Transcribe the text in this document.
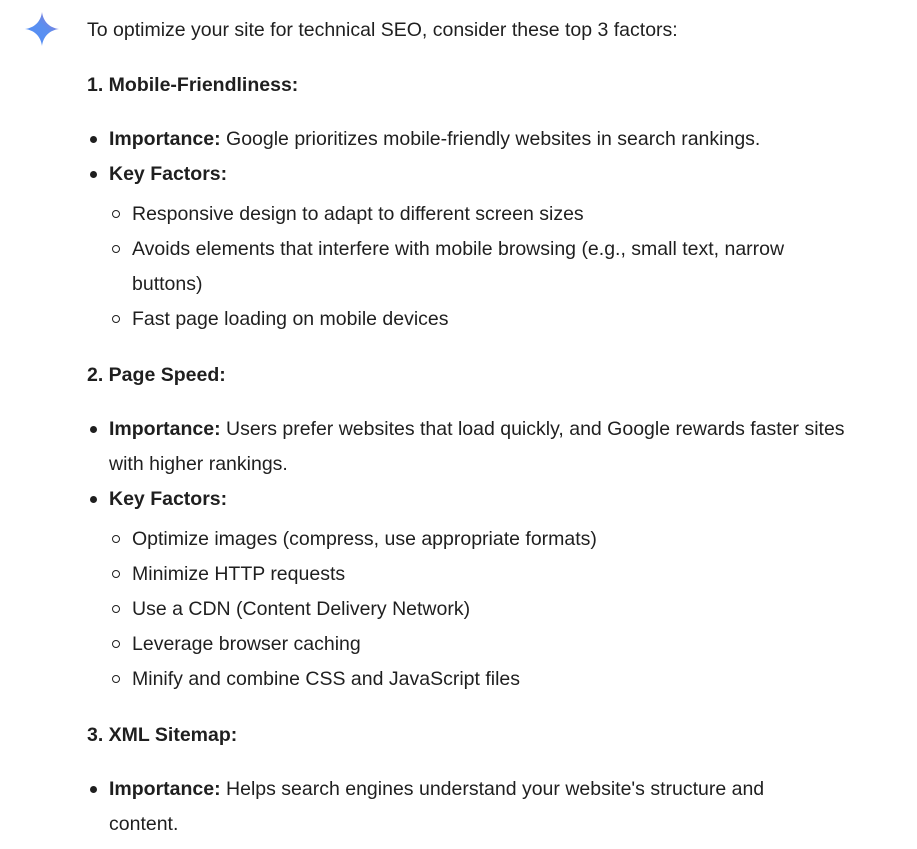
To optimize your site for technical SEO, consider these top 3 factors:

1. Mobile-Friendliness:

Importance: Google prioritizes mobile-friendly websites in search rankings.
Key Factors:
Responsive design to adapt to different screen sizes
Avoids elements that interfere with mobile browsing (e.g., small text, narrow buttons)
Fast page loading on mobile devices

2. Page Speed:

Importance: Users prefer websites that load quickly, and Google rewards faster sites with higher rankings.
Key Factors:
Optimize images (compress, use appropriate formats)
Minimize HTTP requests
Use a CDN (Content Delivery Network)
Leverage browser caching
Minify and combine CSS and JavaScript files

3. XML Sitemap:

Importance: Helps search engines understand your website's structure and content.
